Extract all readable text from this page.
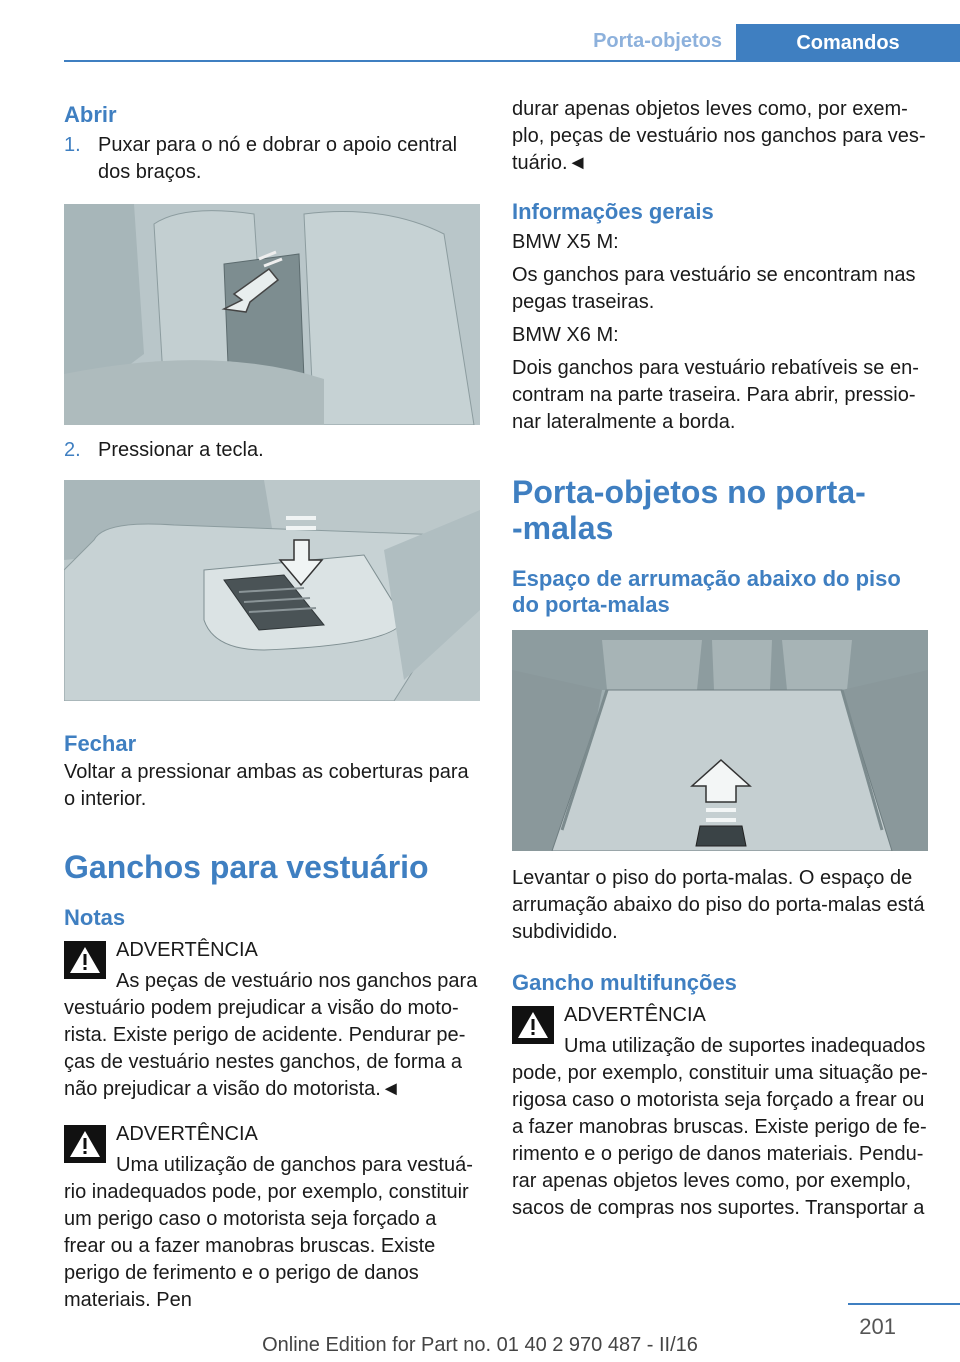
Porta-objetos	Comandos
Abrir
1. Puxar para o nó e dobrar o apoio central dos braços.
2. Pressionar a tecla.
Fechar

Voltar a pressionar ambas as coberturas para o interior.

Ganchos para vestuário
Notas
ADVERTÊNCIA
As peças de vestuário nos ganchos para vestuário podem prejudicar a visão do motorista. Existe perigo de acidente. Pendurar peças de vestuário nestes ganchos, de forma a não prejudicar a visão do motorista.◄
ADVERTÊNCIA
Uma utilização de ganchos para vestuário inadequados pode, por exemplo, constituir um perigo caso o motorista seja forçado a frear ou a fazer manobras bruscas. Existe perigo de ferimento e o perigo de danos materiais. Pen

durar apenas objetos leves como, por exemplo, peças de vestuário nos ganchos para vestuário.◄

Informações gerais

BMW X5 M:

Os ganchos para vestuário se encontram nas pegas traseiras.

BMW X6 M:

Dois ganchos para vestuário rebatíveis se encontram na parte traseira. Para abrir, pressionar lateralmente a borda.

Porta-objetos no porta-
-malas
Espaço de arrumação abaixo do piso do porta-malas

Levantar o piso do porta-malas. O espaço de arrumação abaixo do piso do porta-malas está subdividido.

Gancho multifunções
ADVERTÊNCIA
Uma utilização de suportes inadequados pode, por exemplo, constituir uma situação perigosa caso o motorista seja forçado a frear ou a fazer manobras bruscas. Existe perigo de ferimento e o perigo de danos materiais. Pendurar apenas objetos leves como, por exemplo, sacos de compras nos suportes. Transportar a
201
Online Edition for Part no. 01 40 2 970 487 - II/16
